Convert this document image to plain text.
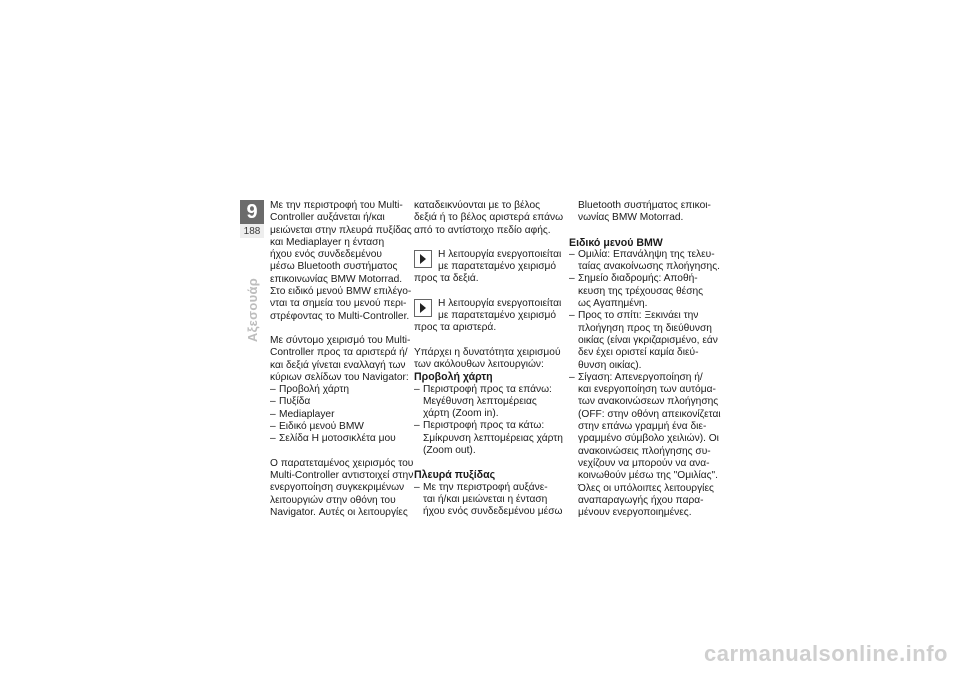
9
188
Αξεσουάρ
Με την περιστροφή του Multi-
Controller αυξάνεται ή/και
μειώνεται στην πλευρά πυξίδας
και Mediaplayer η ένταση
ήχου ενός συνδεδεμένου
μέσω Bluetooth συστήματος
επικοινωνίας BMW Motorrad.
Στο ειδικό μενού BMW επιλέγο-
νται τα σημεία του μενού περι-
στρέφοντας το Multi-Controller.
Με σύντομο χειρισμό του Multi-
Controller προς τα αριστερά ή/
και δεξιά γίνεται εναλλαγή των
κύριων σελίδων του Navigator:
– Προβολή χάρτη
– Πυξίδα
– Mediaplayer
– Ειδικό μενού BMW
– Σελίδα Η μοτοσικλέτα μου
Ο παρατεταμένος χειρισμός του
Multi-Controller αντιστοιχεί στην
ενεργοποίηση συγκεκριμένων
λειτουργιών στην οθόνη του
Navigator. Αυτές οι λειτουργίες
καταδεικνύονται με το βέλος
δεξιά ή το βέλος αριστερά επάνω
από το αντίστοιχο πεδίο αφής.
Η λειτουργία ενεργοποιείται
με παρατεταμένο χειρισμό
προς τα δεξιά.
Η λειτουργία ενεργοποιείται
με παρατεταμένο χειρισμό
προς τα αριστερά.
Υπάρχει η δυνατότητα χειρισμού
των ακόλουθων λειτουργιών:
Προβολή χάρτη
– Περιστροφή προς τα επάνω:
Μεγέθυνση λεπτομέρειας
χάρτη (Zoom in).
– Περιστροφή προς τα κάτω:
Σμίκρυνση λεπτομέρειας χάρτη
(Zoom out).
Πλευρά πυξίδας
– Με την περιστροφή αυξάνε-
ται ή/και μειώνεται η ένταση
ήχου ενός συνδεδεμένου μέσω
Bluetooth συστήματος επικοι-
νωνίας BMW Motorrad.
Ειδικό μενού BMW
– Ομιλία: Επανάληψη της τελευ-
ταίας ανακοίνωσης πλοήγησης.
– Σημείο διαδρομής: Αποθή-
κευση της τρέχουσας θέσης
ως Αγαπημένη.
– Προς το σπίτι: Ξεκινάει την
πλοήγηση προς τη διεύθυνση
οικίας (είναι γκριζαρισμένο, εάν
δεν έχει οριστεί καμία διεύ-
θυνση οικίας).
– Σίγαση: Απενεργοποίηση ή/
και ενεργοποίηση των αυτόμα-
των ανακοινώσεων πλοήγησης
(OFF: στην οθόνη απεικονίζεται
στην επάνω γραμμή ένα διε-
γραμμένο σύμβολο χειλιών). Οι
ανακοινώσεις πλοήγησης συ-
νεχίζουν να μπορούν να ανα-
κοινωθούν μέσω της "Ομιλίας".
Όλες οι υπόλοιπες λειτουργίες
αναπαραγωγής ήχου παρα-
μένουν ενεργοποιημένες.
carmanualsonline.info
